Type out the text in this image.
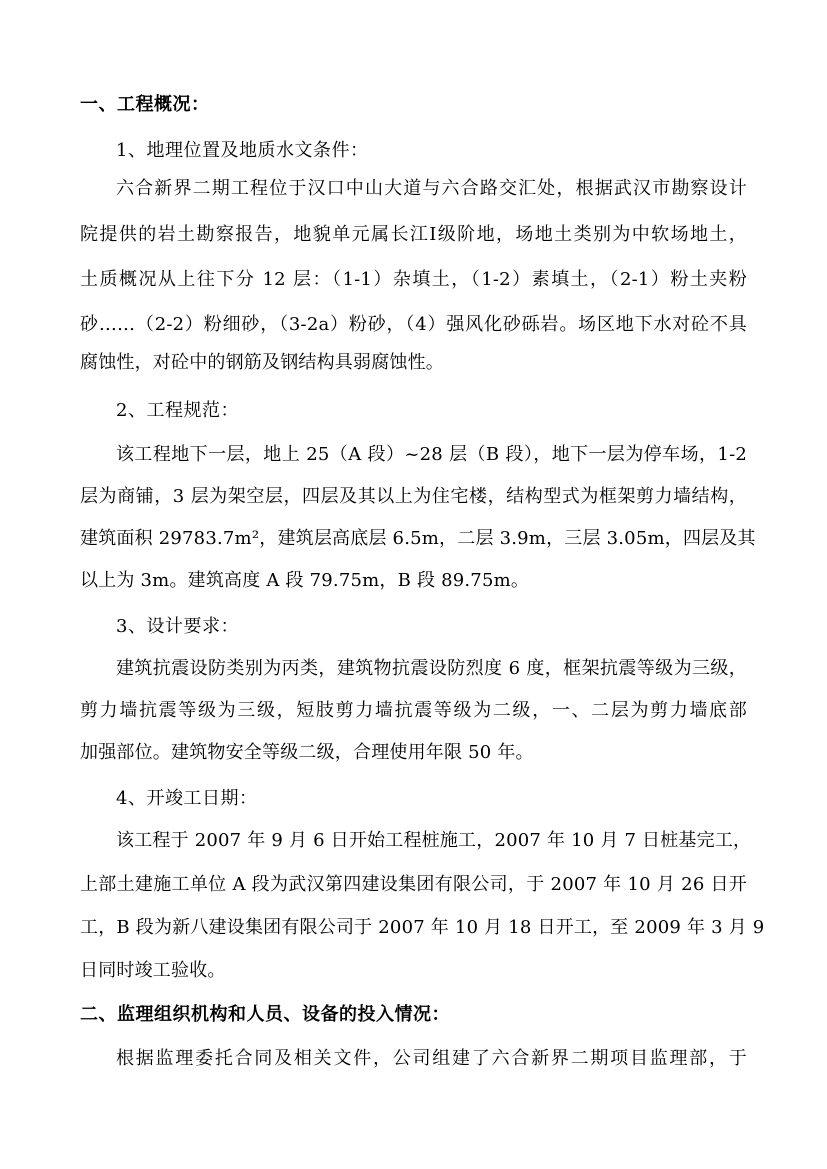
一、工程概况：
1、地理位置及地质水文条件：
六合新界二期工程位于汉口中山大道与六合路交汇处，根据武汉市勘察设计
院提供的岩土勘察报告，地貌单元属长江Ⅰ级阶地，场地土类别为中软场地土，
土质概况从上往下分 12 层：（1-1）杂填土，（1-2）素填土，（2-1）粉土夹粉
砂……（2-2）粉细砂，（3-2a）粉砂，（4）强风化砂砾岩。场区地下水对砼不具
腐蚀性，对砼中的钢筋及钢结构具弱腐蚀性。
2、工程规范：
该工程地下一层，地上 25（A 段）~28 层（B 段），地下一层为停车场，1-2
层为商铺，3 层为架空层，四层及其以上为住宅楼，结构型式为框架剪力墙结构，
建筑面积 29783.7m²，建筑层高底层 6.5m，二层 3.9m，三层 3.05m，四层及其
以上为 3m。建筑高度 A 段 79.75m，B 段 89.75m。
3、设计要求：
建筑抗震设防类别为丙类，建筑物抗震设防烈度 6 度，框架抗震等级为三级，
剪力墙抗震等级为三级，短肢剪力墙抗震等级为二级，一、二层为剪力墙底部
加强部位。建筑物安全等级二级，合理使用年限 50 年。
4、开竣工日期：
该工程于 2007 年 9 月 6 日开始工程桩施工，2007 年 10 月 7 日桩基完工，
上部土建施工单位 A 段为武汉第四建设集团有限公司，于 2007 年 10 月 26 日开
工，B 段为新八建设集团有限公司于 2007 年 10 月 18 日开工，至 2009 年 3 月 9
日同时竣工验收。
二、监理组织机构和人员、设备的投入情况：
根据监理委托合同及相关文件，公司组建了六合新界二期项目监理部，于
